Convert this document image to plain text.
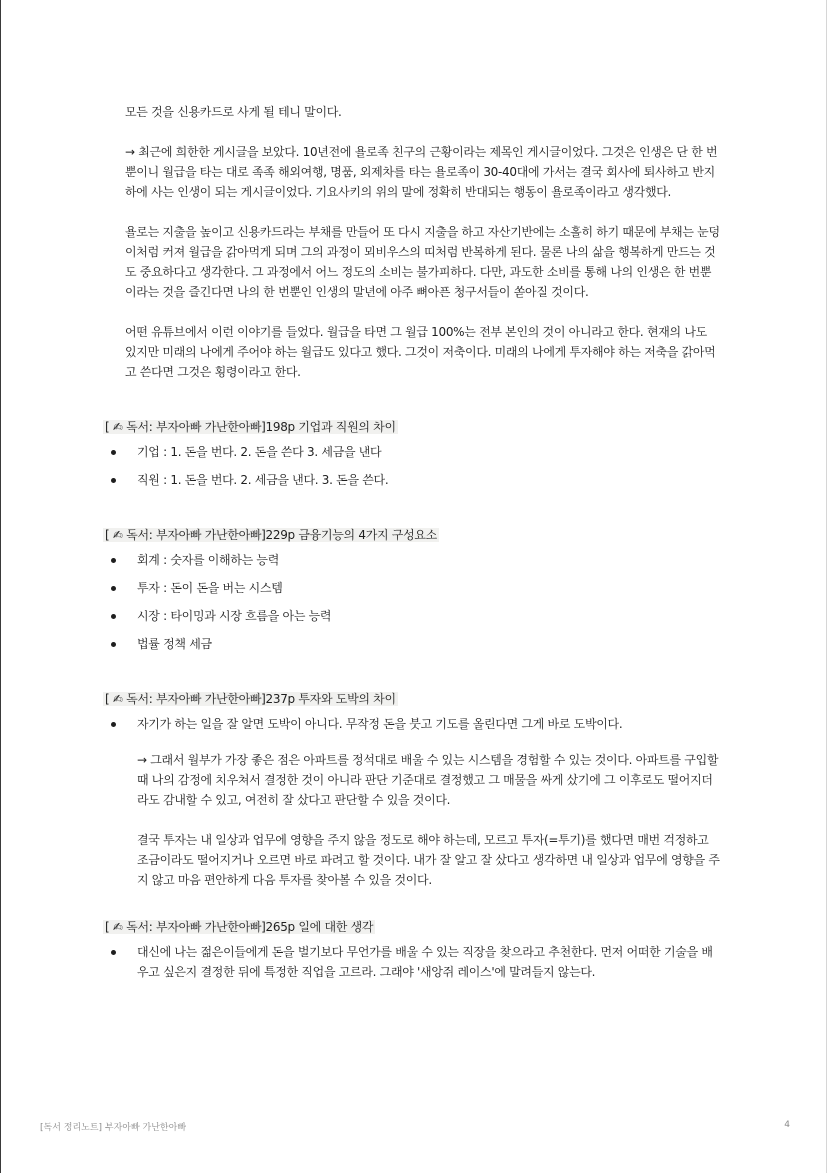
모든 것을 신용카드로 사게 될 테니 말이다.

→ 최근에 희한한 게시글을 보았다. 10년전에 욜로족 친구의 근황이라는 제목인 게시글이었다. 그것은 인생은 단 한 번뿐이니 월급을 타는 대로 족족 해외여행, 명품, 외제차를 타는 욜로족이 30-40대에 가서는 결국 회사에 퇴사하고 반지하에 사는 인생이 되는 게시글이었다. 기요사키의 위의 말에 정확히 반대되는 행동이 욜로족이라고 생각했다.

욜로는 지출을 높이고 신용카드라는 부채를 만들어 또 다시 지출을 하고 자산기반에는 소홀히 하기 때문에 부채는 눈덩이처럼 커져 월급을 갉아먹게 되며 그의 과정이 뫼비우스의 띠처럼 반복하게 된다. 물론 나의 삶을 행복하게 만드는 것도 중요하다고 생각한다. 그 과정에서 어느 정도의 소비는 불가피하다. 다만, 과도한 소비를 통해 나의 인생은 한 번뿐이라는 것을 즐긴다면 나의 한 번뿐인 인생의 말년에 아주 뼈아픈 청구서들이 쏟아질 것이다.

어떤 유튜브에서 이런 이야기를 들었다. 월급을 타면 그 월급 100%는 전부 본인의 것이 아니라고 한다. 현재의 나도 있지만 미래의 나에게 주어야 하는 월급도 있다고 했다. 그것이 저축이다. 미래의 나에게 투자해야 하는 저축을 갉아먹고 쓴다면 그것은 횡령이라고 한다.

[ ✍ 독서: 부자아빠 가난한아빠]198p 기업과 직원의 차이
기업 : 1. 돈을 번다. 2. 돈을 쓴다 3. 세금을 낸다
직원 : 1. 돈을 번다. 2. 세금을 낸다. 3. 돈을 쓴다.
[ ✍ 독서: 부자아빠 가난한아빠]229p 금융기능의 4가지 구성요소
회계 : 숫자를 이해하는 능력
투자 : 돈이 돈을 버는 시스템
시장 : 타이밍과 시장 흐름을 아는 능력
법률 정책 세금
[ ✍ 독서: 부자아빠 가난한아빠]237p 투자와 도박의 차이
자기가 하는 일을 잘 알면 도박이 아니다. 무작정 돈을 붓고 기도를 올린다면 그게 바로 도박이다.

→ 그래서 월부가 가장 좋은 점은 아파트를 정석대로 배울 수 있는 시스템을 경험할 수 있는 것이다. 아파트를 구입할 때 나의 감정에 치우쳐서 결정한 것이 아니라 판단 기준대로 결정했고 그 매물을 싸게 샀기에 그 이후로도 떨어지더라도 감내할 수 있고, 여전히 잘 샀다고 판단할 수 있을 것이다.

결국 투자는 내 일상과 업무에 영향을 주지 않을 정도로 해야 하는데, 모르고 투자(=투기)를 했다면 매번 걱정하고 조금이라도 떨어지거나 오르면 바로 파려고 할 것이다. 내가 잘 알고 잘 샀다고 생각하면 내 일상과 업무에 영향을 주지 않고 마음 편안하게 다음 투자를 찾아볼 수 있을 것이다.

[ ✍ 독서: 부자아빠 가난한아빠]265p 일에 대한 생각
대신에 나는 젊은이들에게 돈을 벌기보다 무언가를 배울 수 있는 직장을 찾으라고 추천한다. 먼저 어떠한 기술을 배우고 싶은지 결정한 뒤에 특정한 직업을 고르라. 그래야 '새앙쥐 레이스'에 말려들지 않는다.
[독서 정리노트] 부자아빠 가난한아빠	4
